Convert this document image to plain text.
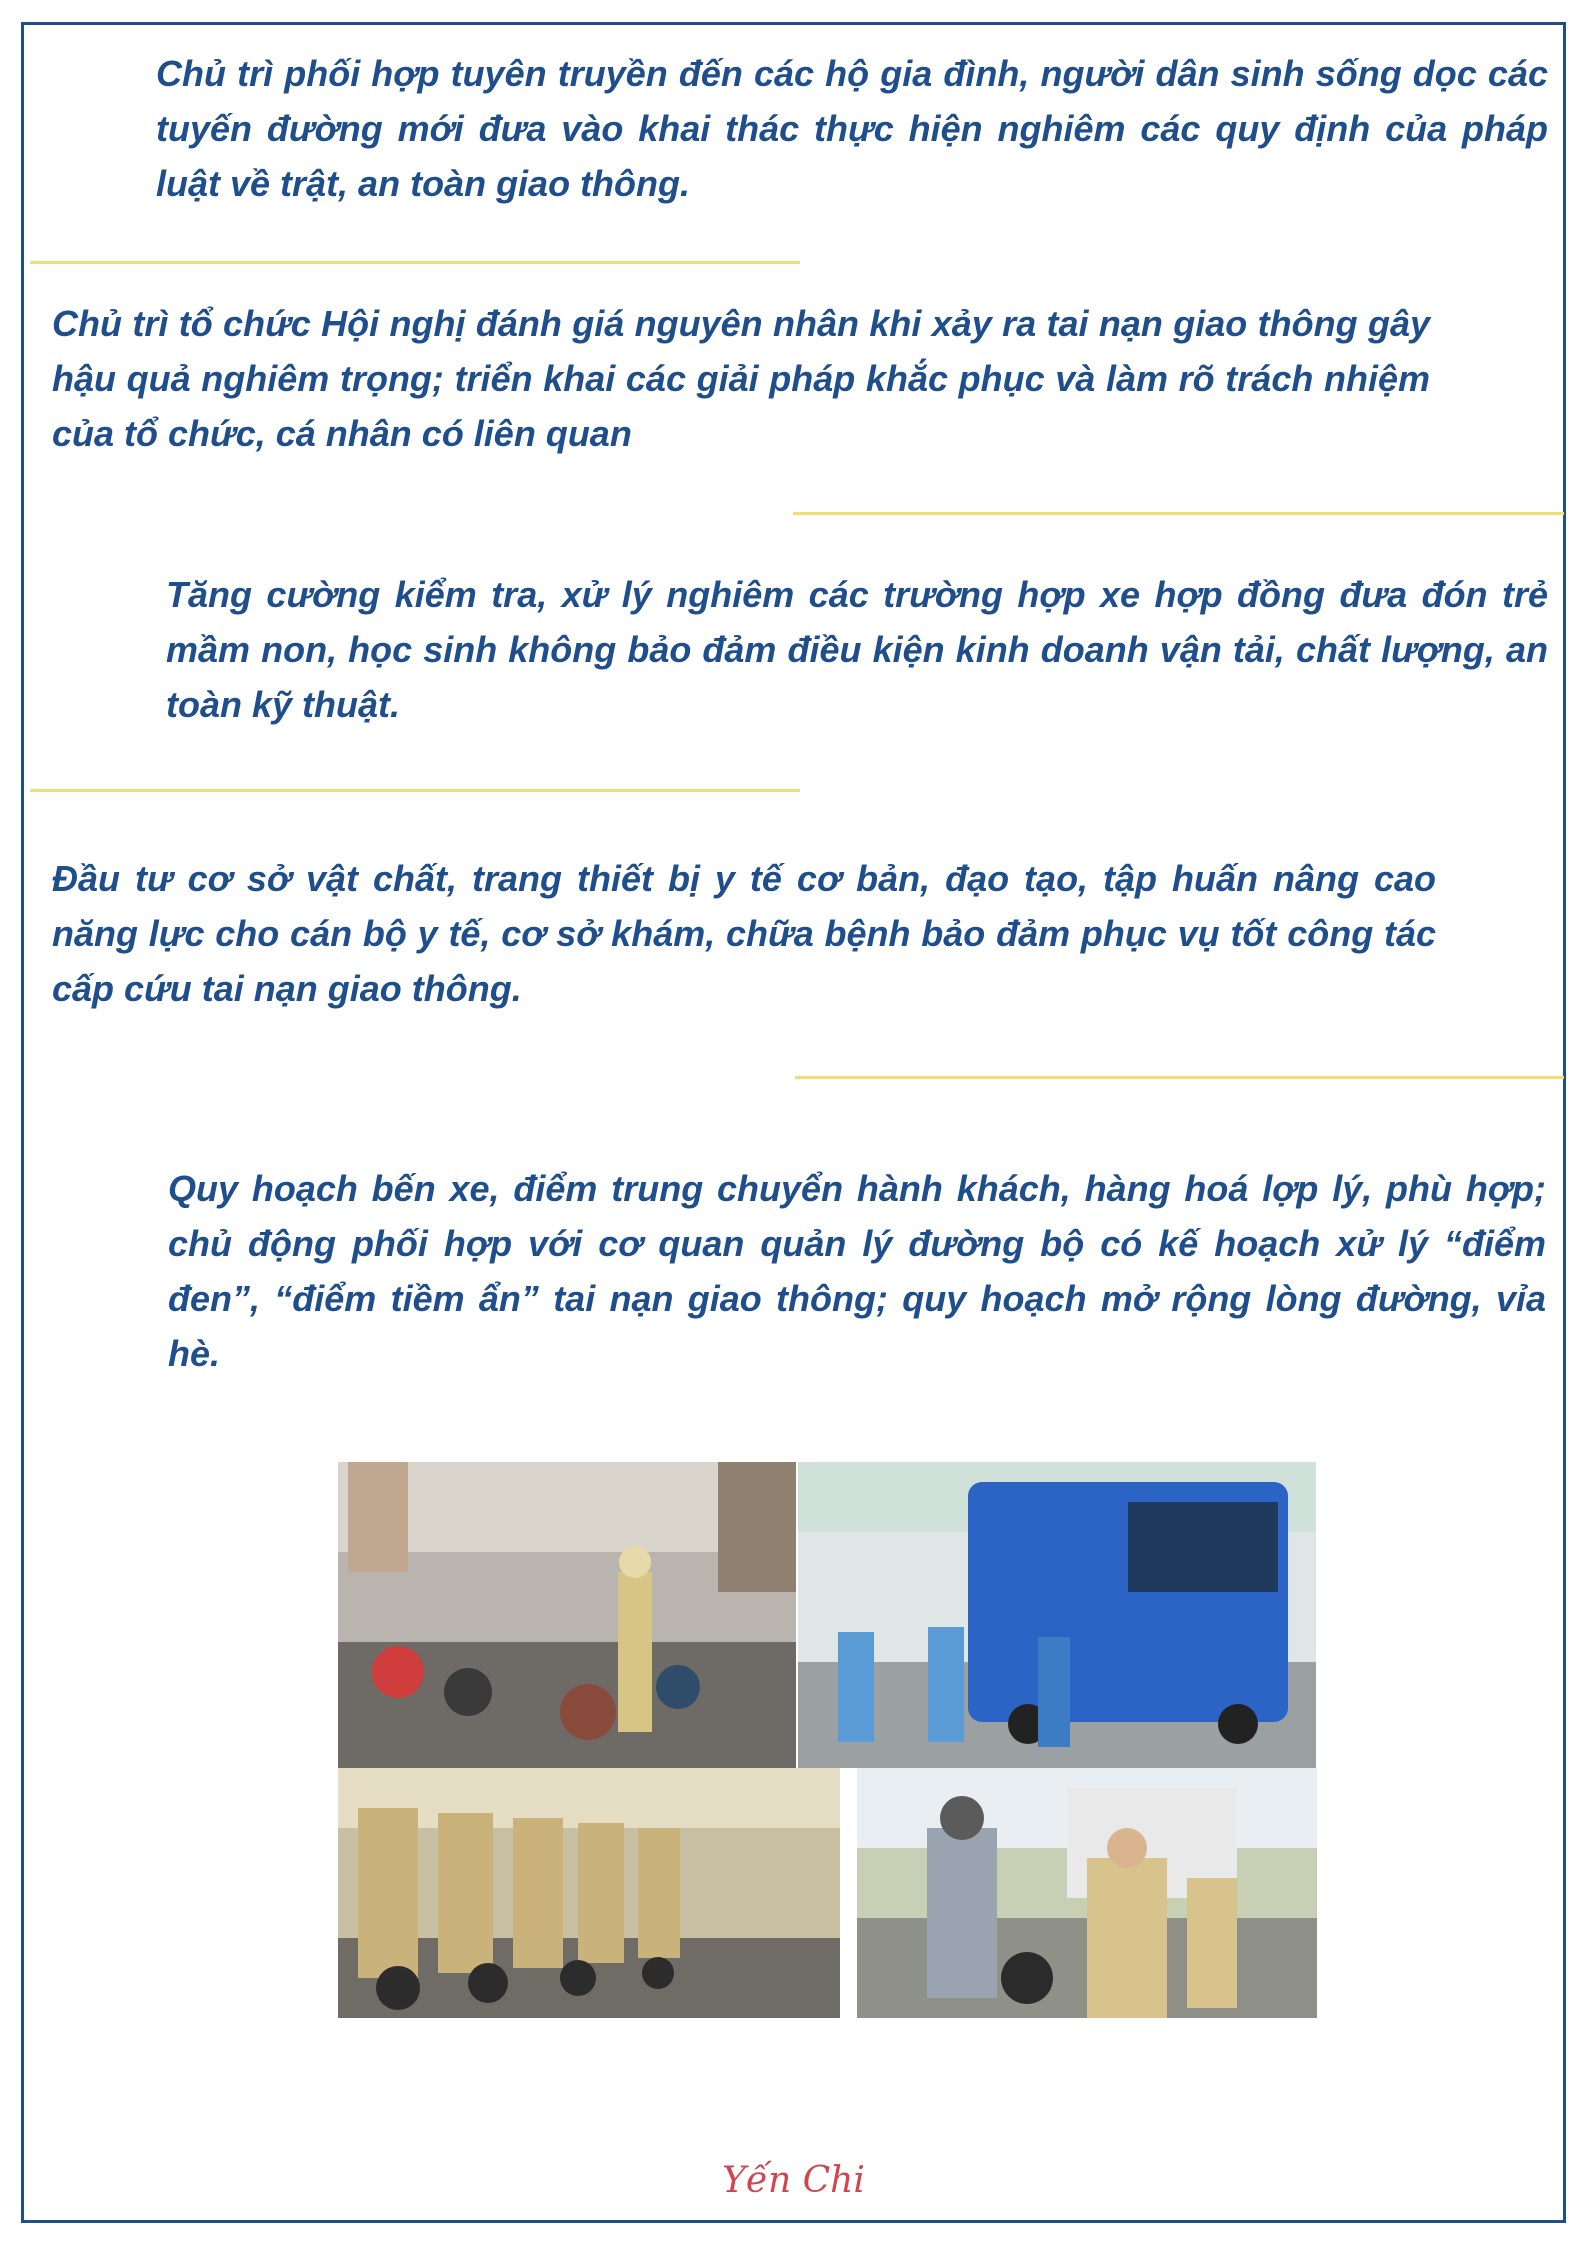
Chủ trì phối hợp tuyên truyền đến các hộ gia đình, người dân sinh sống dọc các tuyến đường mới đưa vào khai thác thực hiện nghiêm các quy định của pháp luật về trật, an toàn giao thông.

Chủ trì tổ chức Hội nghị đánh giá nguyên nhân khi xảy ra tai nạn giao thông gây hậu quả nghiêm trọng; triển khai các giải pháp khắc phục và làm rõ trách nhiệm của tổ chức, cá nhân có liên quan

Tăng cường kiểm tra, xử lý nghiêm các trường hợp xe hợp đồng đưa đón trẻ mầm non, học sinh không bảo đảm điều kiện kinh doanh vận tải, chất lượng, an toàn kỹ thuật.

Đầu tư cơ sở vật chất, trang thiết bị y tế cơ bản, đạo tạo, tập huấn nâng cao năng lực cho cán bộ y tế, cơ sở khám, chữa bệnh bảo đảm phục vụ tốt công tác cấp cứu tai nạn giao thông.

Quy hoạch bến xe, điểm trung chuyển hành khách, hàng hoá lợp lý, phù hợp; chủ động phối hợp với cơ quan quản lý đường bộ có kế hoạch xử lý “điểm đen”, “điểm tiềm ẩn” tai nạn giao thông; quy hoạch mở rộng lòng đường, vỉa hè.

Yến Chi
